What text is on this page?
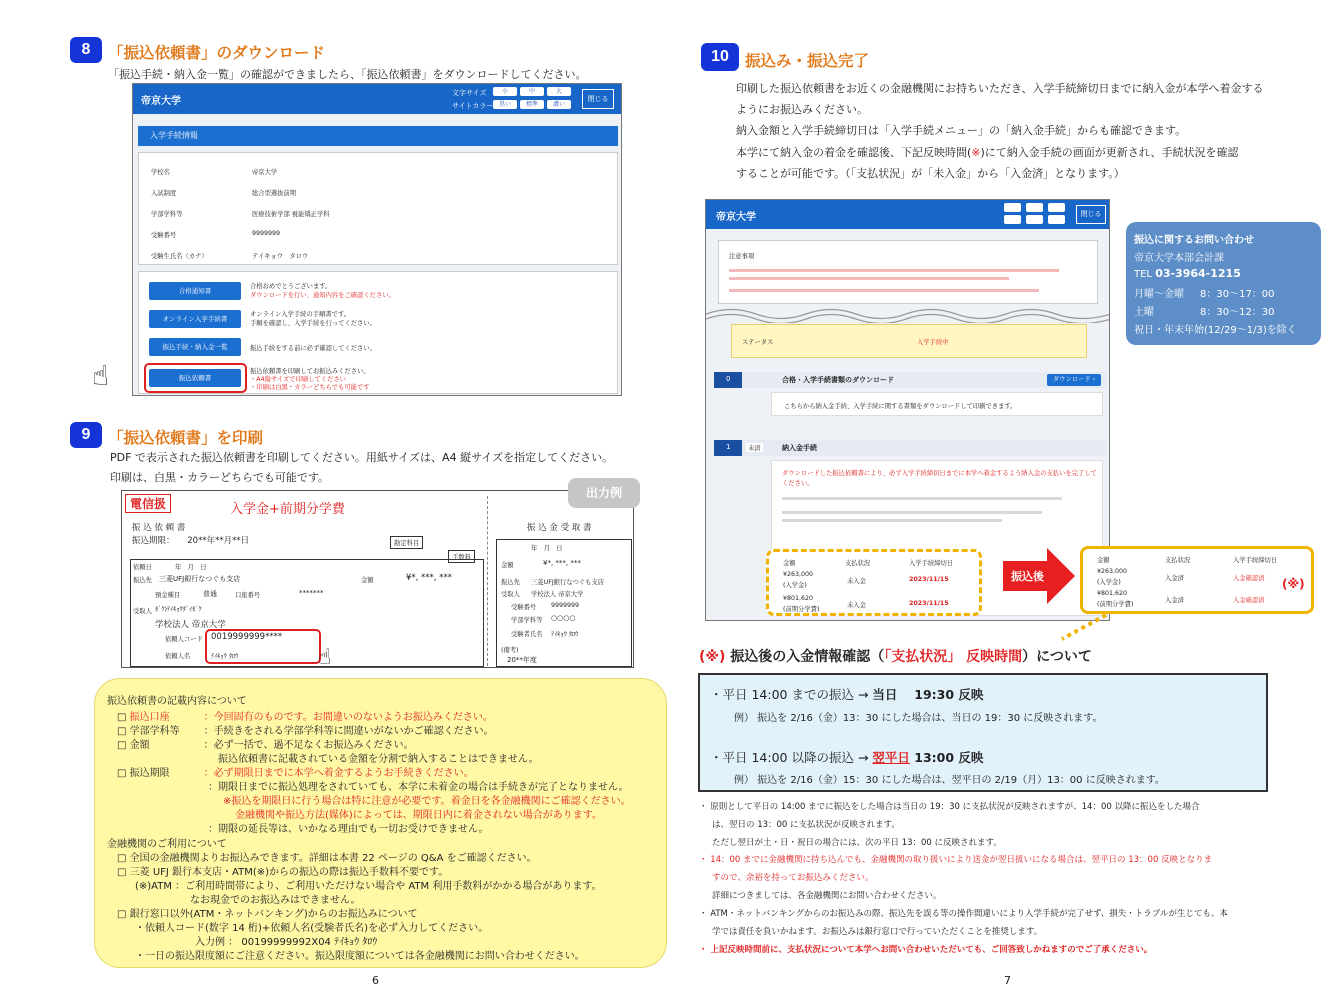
8	「振込依頼書」のダウンロード
「振込手続・納入金一覧」の確認ができましたら、「振込依頼書」をダウンロードしてください。
帝京大学
文字サイズ	小	中	大
サイトカラー 黒い	標準	濃い
閉じる
入学手続情報
学校名	帝京大学
入試制度	総合型選抜前期
学部学科等	医療技術学部 視能矯正学科
受験番号	9999999
受験生氏名（カナ）	テイキョウ　タロウ
合格通知書
合格おめでとうございます。
ダウンロードを行い、通知内容をご確認ください。
オンライン入学手続書
オンライン入学手続の手順書です。
手順を確認し、入学手続を行ってください。
振込手続・納入金一覧	振込手続をする前に必ず確認してください。
振込依頼書
振込依頼書を印刷してお振込みください。
・A4縦サイズで印刷してください
・印刷は白黒・カラーどちらでも可能です
☝
9	「振込依頼書」を印刷
PDF で表示された振込依頼書を印刷してください。用紙サイズは、A4 縦サイズを指定してください。
印刷は、白黒・カラーどちらでも可能です。
電信扱	入学金+前期分学費
振 込 依 頼 書
振込期限：　　20**年**月**日	勘定科目
手数料
依頼日	年　月　日
振込先 三菱UFJ銀行なつぐも支店	金額	¥*, ***, ***
預金種目	普通	口座番号	*******
受取人 ｶﾞｸ)ﾃｲｷｮｳﾀﾞｲｶﾞｸ
学校法人 帝京大学
依頼人コード 0019999999****
依頼人名	ﾃｲｷｮｳ ﾀﾛｳ	☝
振 込 金 受 取 書
年　月　日
金額	¥*, ***, ***
振込先 三菱UFJ銀行なつぐも支店
受取人 学校法人 帝京大学
受験番号 9999999
学部学科等 ○○○○
受験者氏名 ﾃｲｷｮｳ ﾀﾛｳ
(備考)
20**年度
出力例
振込依頼書の記載内容について
□ 振込口座	：今回固有のものです。お間違いのないようお振込みください。
□ 学部学科等 ：手続きをされる学部学科等に間違いがないかご確認ください。
□ 金額	：必ず一括で、過不足なくお振込みください。
振込依頼書に記載されている金額を分割で納入することはできません。
□ 振込期限	：必ず期限日までに本学へ着金するようお手続きください。
：期限日までに振込処理をされていても、本学に未着金の場合は手続きが完了となりません。
※振込を期限日に行う場合は特に注意が必要です。着金日を各金融機関にご確認ください。
金融機関や振込方法(媒体)によっては、期限日内に着金されない場合があります。
：期限の延長等は、いかなる理由でも一切お受けできません。
金融機関のご利用について
□ 全国の金融機関よりお振込みできます。詳細は本書 22 ページの Q&A をご確認ください。
□ 三菱 UFJ 銀行本支店・ATM(※)からの振込の際は振込手数料不要です。
(※)ATM ：ご利用時間帯により、ご利用いただけない場合や ATM 利用手数料がかかる場合があります。
なお現金でのお振込みはできません。
□ 銀行窓口以外(ATM・ネットバンキング)からのお振込みについて
・依頼人コード(数字 14 桁)+依頼人名(受験者氏名)を必ず入力してください。
入力例 ： 00199999992X04 ﾃｲｷｮｳ ﾀﾛｳ
・一日の振込限度額にご注意ください。振込限度額については各金融機関にお問い合わせください。
6
10	振込み・振込完了
印刷した振込依頼書をお近くの金融機関にお持ちいただき、入学手続締切日までに納入金が本学へ着金する
ようにお振込みください。
納入金額と入学手続締切日は「入学手続メニュー」の「納入金手続」からも確認できます。
本学にて納入金の着金を確認後、下記反映時間(※)にて納入金手続の画面が更新され、手続状況を確認
することが可能です。（「支払状況」が「未入金」から「入金済」となります。）
帝京大学	閉じる
注意事項
ステータス	入学手続中
0	合格・入学手続書類のダウンロード	ダウンロード ›
こちらから納入金手続、入学手続に関する書類をダウンロードして印刷できます。
1	未済	納入金手続
ダウンロードした振込依頼書により、必ず入学手続締切日までに本学へ着金するよう納入金の支払いを完了してください。
金額	支払状況	入学手続締切日
¥263,000
(入学金)
未入金	2023/11/15
¥801,620
(前期分学費)
未入金	2023/11/15
振込後
金額	支払状況	入学手続締切日
¥263,000
(入学金)
入金済	入金確認済
¥801,620
(前期分学費)
入金済	入金確認済
(※)
振込に関するお問い合わせ
帝京大学本部会計課
TEL 03-3964-1215
月曜～金曜 8：30～17：00
土曜	8：30～12：30
祝日・年末年始(12/29～1/3)を除く
(※) 振込後の入金情報確認（「支払状況」 反映時間）について
・平日 14:00 までの振込 → 当日　 19:30 反映
例） 振込を 2/16（金）13：30 にした場合は、当日の 19：30 に反映されます。
・平日 14:00 以降の振込 → 翌平日 13:00 反映
例） 振込を 2/16（金）15：30 にした場合は、翌平日の 2/19（月）13：00 に反映されます。
・ 原則として平日の 14:00 までに振込をした場合は当日の 19：30 に支払状況が反映されますが、14：00 以降に振込をした場合
は、翌日の 13：00 に支払状況が反映されます。
ただし翌日が土・日・祝日の場合には、次の平日 13：00 に反映されます。
・ 14：00 までに金融機関に持ち込んでも、金融機関の取り扱いにより送金が翌日扱いになる場合は、翌平日の 13：00 反映となりま
すので、余裕を持ってお振込みください。
詳細につきましては、各金融機関にお問い合わせください。
・ ATM・ネットバンキングからのお振込みの際、振込先を誤る等の操作間違いにより入学手続が完了せず、損失・トラブルが生じても、本
学では責任を負いかねます。お振込みは銀行窓口で行っていただくことを推奨します。
・ 上記反映時間前に、支払状況について本学へお問い合わせいただいても、ご回答致しかねますのでご了承ください。
7
